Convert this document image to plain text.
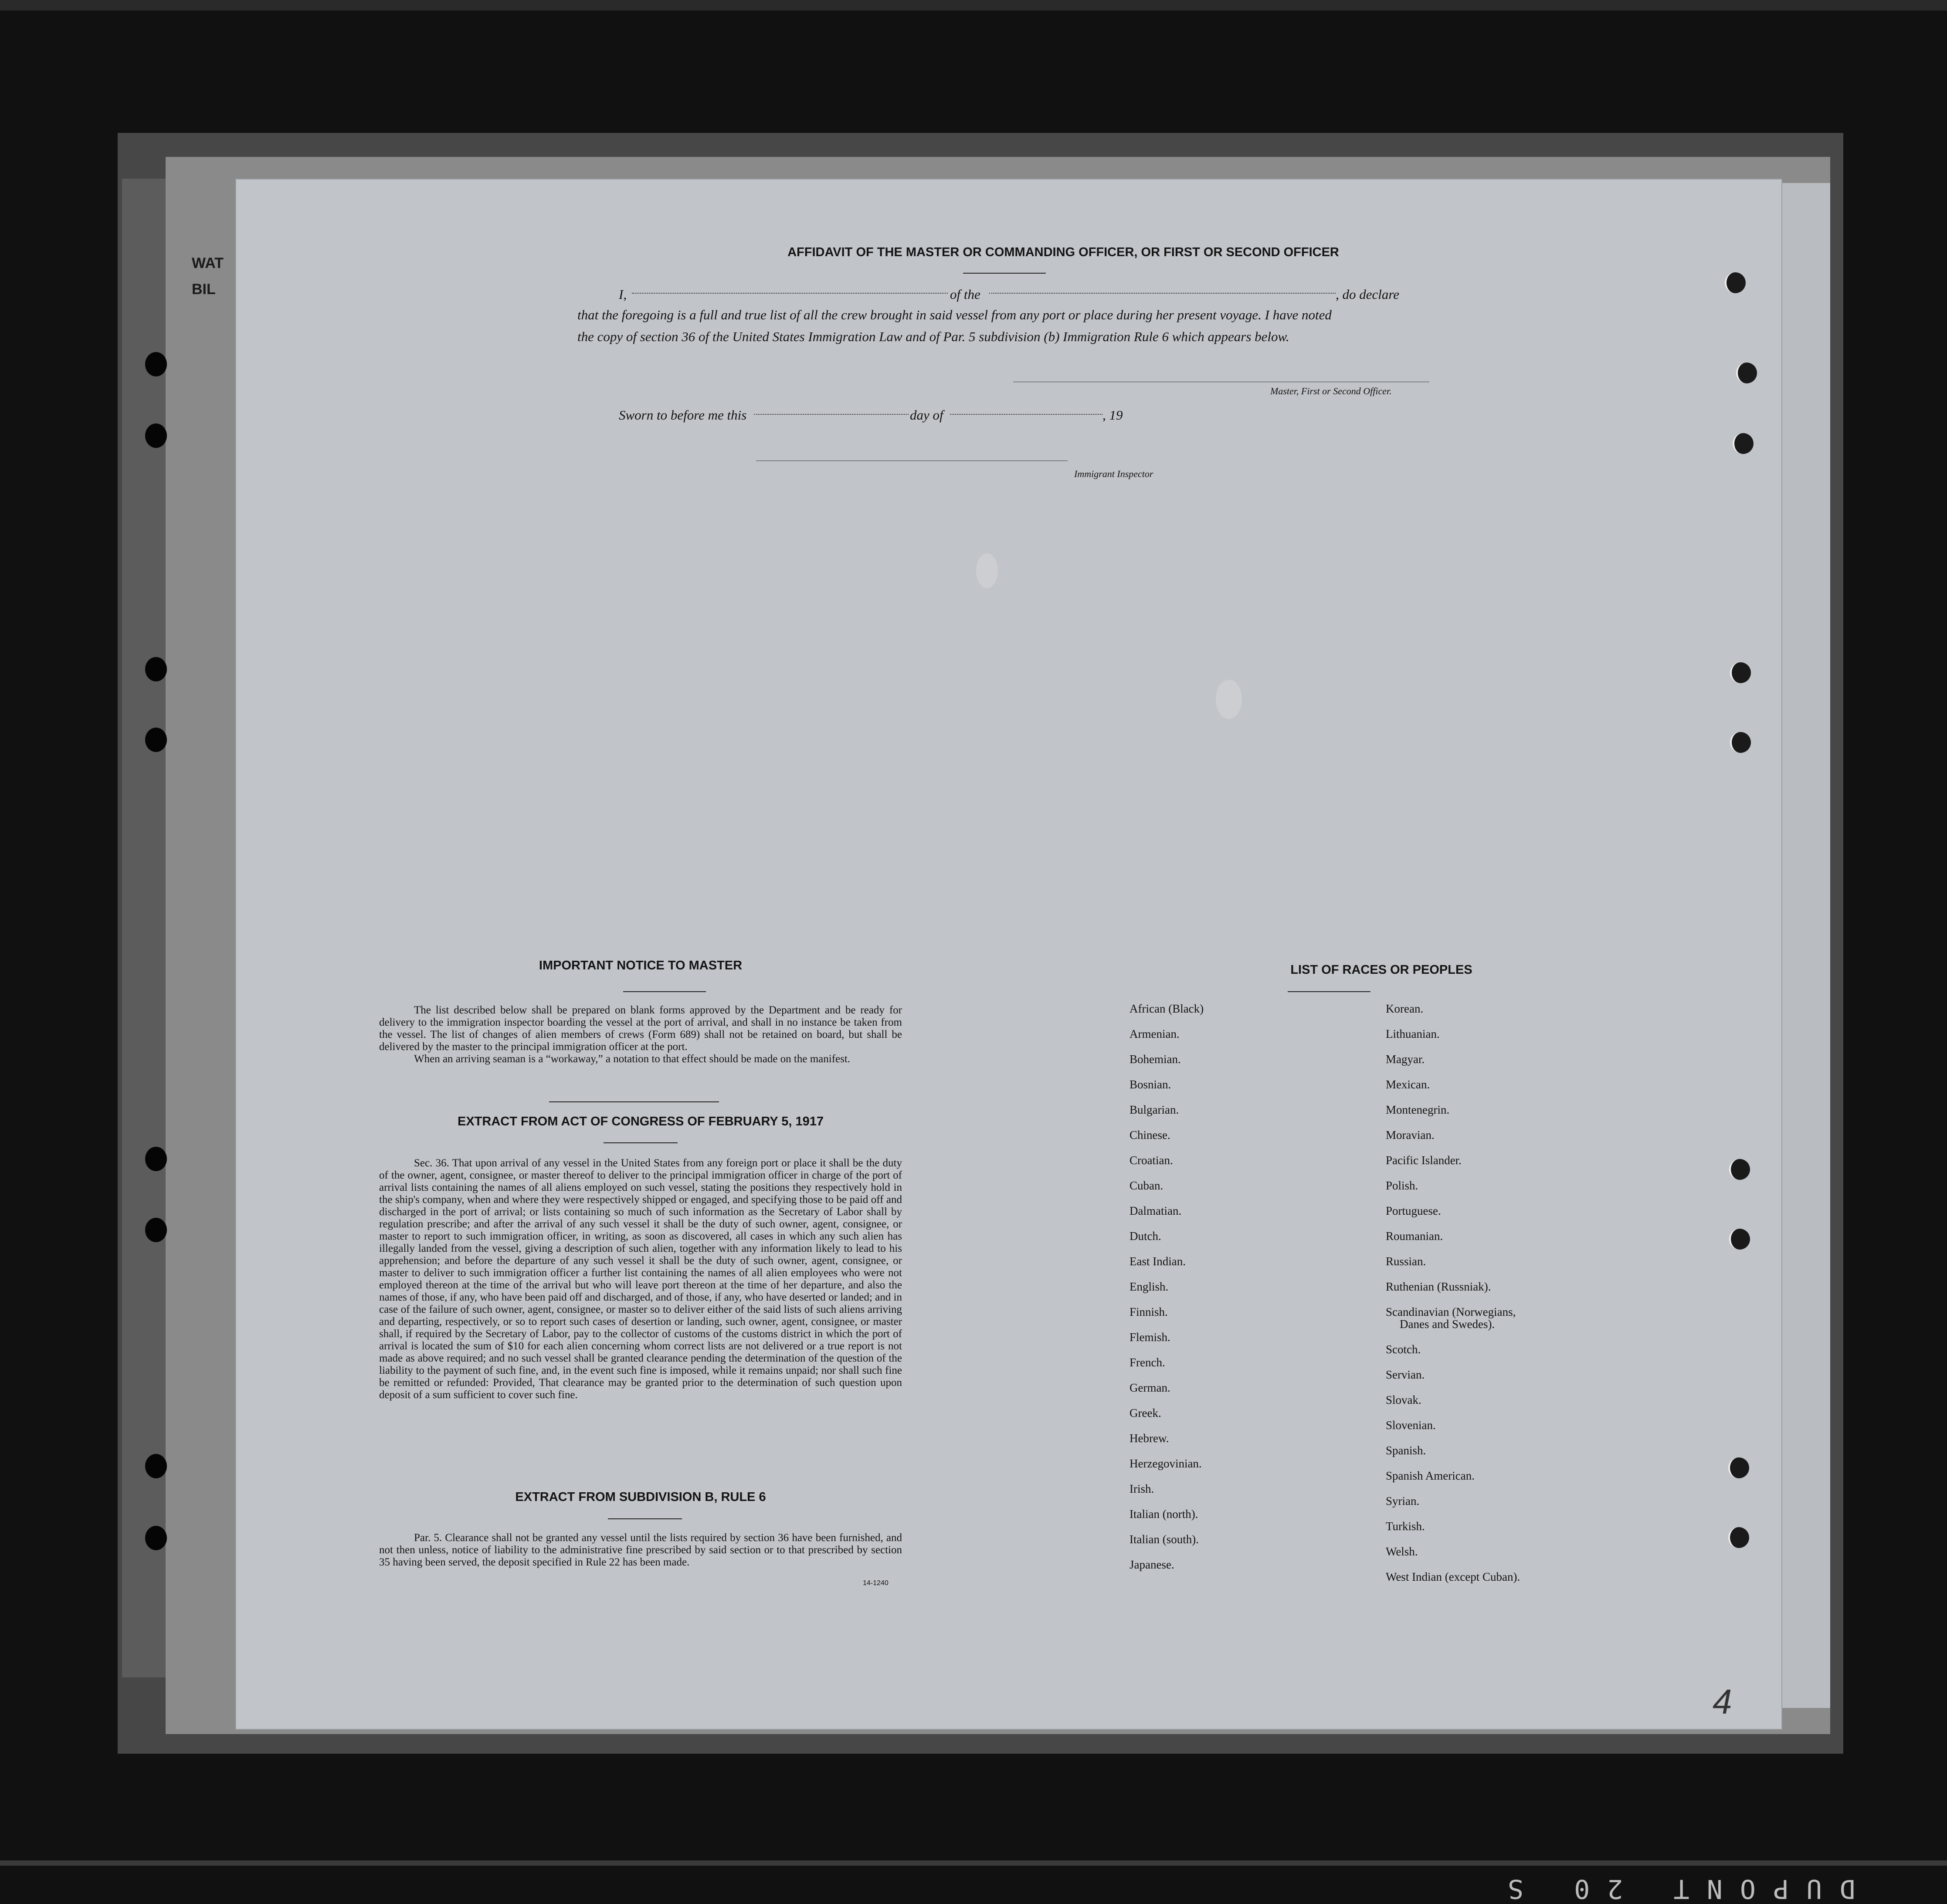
WAT
BIL
AFFIDAVIT OF THE MASTER OR COMMANDING OFFICER, OR FIRST OR SECOND OFFICER
I,	of the	, do declare
that the foregoing is a full and true list of all the crew brought in said vessel from any port or place during her present voyage. I have noted
the copy of section 36 of the United States Immigration Law and of Par. 5 subdivision (b) Immigration Rule 6 which appears below.
Master, First or Second Officer.
Sworn to before me this	day of	, 19
Immigrant Inspector
IMPORTANT NOTICE TO MASTER

The list described below shall be prepared on blank forms approved by the Department and be ready for delivery to the immigration inspector boarding the vessel at the port of arrival, and shall in no instance be taken from the vessel. The list of changes of alien members of crews (Form 689) shall not be retained on board, but shall be delivered by the master to the principal immigration officer at the port.

When an arriving seaman is a “workaway,” a notation to that effect should be made on the manifest.

EXTRACT FROM ACT OF CONGRESS OF FEBRUARY 5, 1917

Sec. 36. That upon arrival of any vessel in the United States from any foreign port or place it shall be the duty of the owner, agent, consignee, or master thereof to deliver to the principal immigration officer in charge of the port of arrival lists containing the names of all aliens employed on such vessel, stating the positions they respectively hold in the ship's company, when and where they were respectively shipped or engaged, and specifying those to be paid off and discharged in the port of arrival; or lists containing so much of such information as the Secretary of Labor shall by regulation prescribe; and after the arrival of any such vessel it shall be the duty of such owner, agent, consignee, or master to report to such immigration officer, in writing, as soon as discovered, all cases in which any such alien has illegally landed from the vessel, giving a description of such alien, together with any information likely to lead to his apprehension; and before the departure of any such vessel it shall be the duty of such owner, agent, consignee, or master to deliver to such immigration officer a further list containing the names of all alien employees who were not employed thereon at the time of the arrival but who will leave port thereon at the time of her departure, and also the names of those, if any, who have been paid off and discharged, and of those, if any, who have deserted or landed; and in case of the failure of such owner, agent, consignee, or master so to deliver either of the said lists of such aliens arriving and departing, respectively, or so to report such cases of desertion or landing, such owner, agent, consignee, or master shall, if required by the Secretary of Labor, pay to the collector of customs of the customs district in which the port of arrival is located the sum of $10 for each alien concerning whom correct lists are not delivered or a true report is not made as above required; and no such vessel shall be granted clearance pending the determination of the question of the liability to the payment of such fine, and, in the event such fine is imposed, while it remains unpaid; nor shall such fine be remitted or refunded: Provided, That clearance may be granted prior to the determination of such question upon deposit of a sum sufficient to cover such fine.

EXTRACT FROM SUBDIVISION B, RULE 6

Par. 5. Clearance shall not be granted any vessel until the lists required by section 36 have been furnished, and not then unless, notice of liability to the administrative fine prescribed by said section or to that prescribed by section 35 having been served, the deposit specified in Rule 22 has been made.

14-1240
LIST OF RACES OR PEOPLES
4
African (Black)
Armenian.
Bohemian.
Bosnian.
Bulgarian.
Chinese.
Croatian.
Cuban.
Dalmatian.
Dutch.
East Indian.
English.
Finnish.
Flemish.
French.
German.
Greek.
Hebrew.
Herzegovinian.
Irish.
Italian (north).
Italian (south).
Japanese.
Korean.
Lithuanian.
Magyar.
Mexican.
Montenegrin.
Moravian.
Pacific Islander.
Polish.
Portuguese.
Roumanian.
Russian.
Ruthenian (Russniak).
Scandinavian (Norwegians,
Danes and Swedes).
Scotch.
Servian.
Slovak.
Slovenian.
Spanish.
Spanish American.
Syrian.
Turkish.
Welsh.
West Indian (except Cuban).
DUPONT 20 S
